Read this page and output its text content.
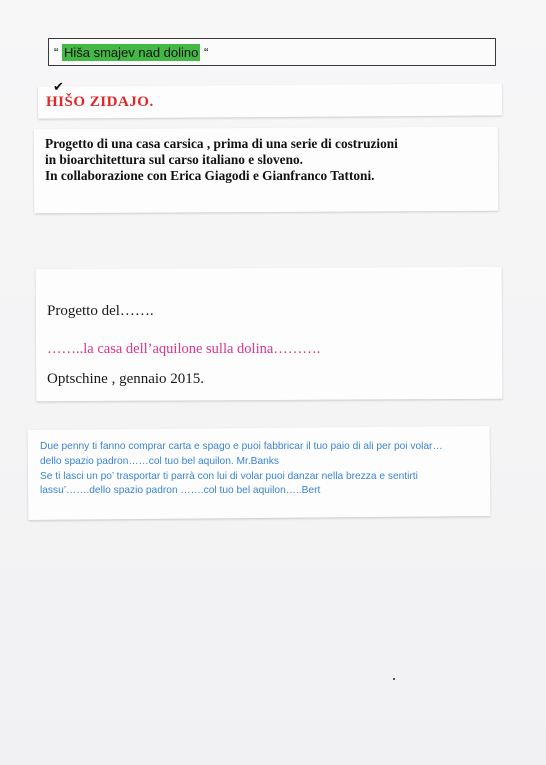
“ Hiša smajev nad dolino “
✔
HIŠO ZIDAJO.
Progetto di una casa carsica , prima di una serie di costruzioni
in bioarchitettura sul carso italiano e sloveno.
In collaborazione con Erica Giagodi e Gianfranco Tattoni.
Progetto del…….
……..la casa dell’aquilone sulla dolina……….
Optschine , gennaio 2015.
Due penny ti fanno comprar carta e spago e puoi fabbricar il tuo paio di ali per poi volar…
dello spazio padron……col tuo bel aquilon. Mr.Banks
Se ti lasci un po’ trasportar ti parrà con lui di volar puoi danzar nella brezza e sentirti
lassu’…….dello spazio padron …….col tuo bel aquilon…..Bert
